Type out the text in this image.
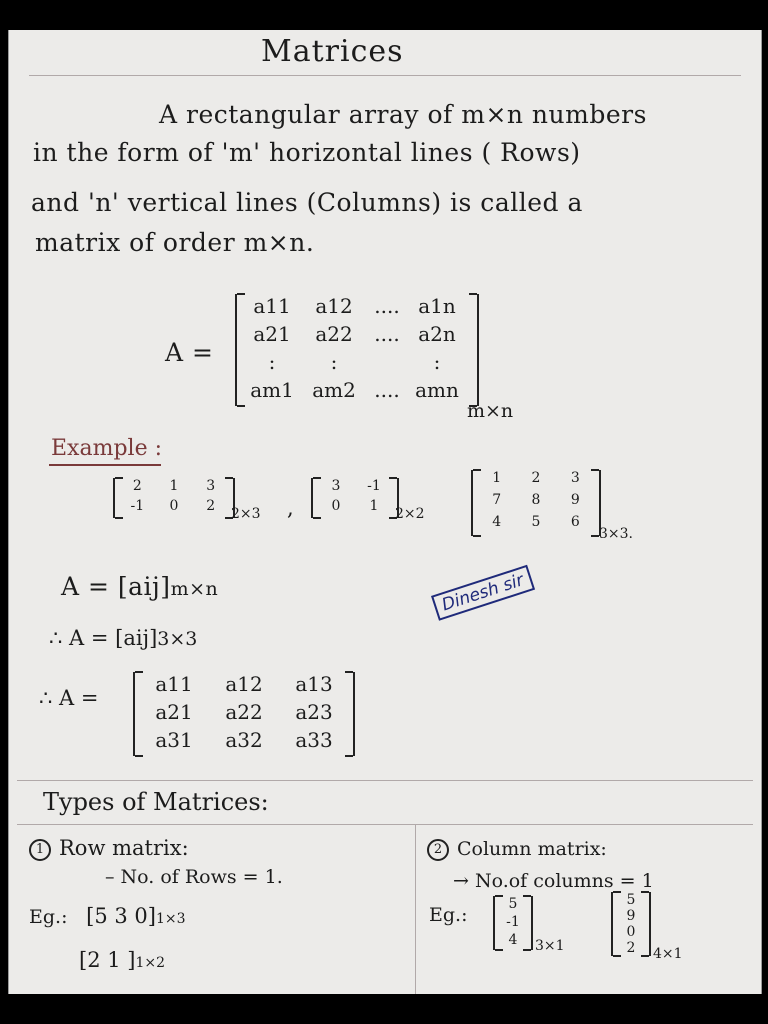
Matrices
A rectangular array of m×n numbers
in the form of 'm' horizontal lines ( Rows)
and 'n' vertical lines (Columns) is called a
matrix of order m×n.
A =
a11	a12	.... a1n
a21	a22	.... a2n
:	:	:
am1 am2 .... amn
m×n
Example :
2	1	3
-1	0	2	2×3 ,
3	-1
0	1	2×2
1	2	3
7	8	9
4	5	6
3×3.
A = [aij]m×n
∴ A = [aij]3×3
Dinesh sir
∴ A =
a11	a12	a13
a21	a22	a23
a31	a32	a33
Types of Matrices:
1 Row matrix:
– No. of Rows = 1.
Eg.: [5 3 0]1×3
[2 1 ]1×2
2 Column matrix:
→ No.of columns = 1
Eg.:	5
-1
4	3×1
5
9
0
2	4×1
